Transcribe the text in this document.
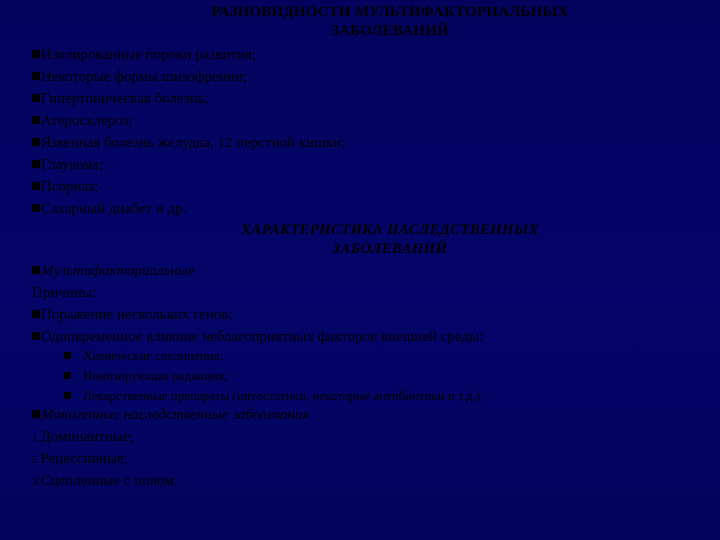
РАЗНОВИДНОСТИ МУЛЬТИФАКТОРИАЛЬНЫХ
ЗАБОЛЕВАНИЙ
Изолированные пороки развития;
Некоторые формы шизофрении;
Гипертоническая болезнь;
Атеросклероз;
Язвенная болезнь желудка, 12 перстной кишки;
Глаукома;
Псориаз;
Сахарный диабет и др.
ХАРАКТЕРИСТИКА НАСЛЕДСТВЕННЫХ
ЗАБОЛЕВАНИЙ
Мультифакториальные
Причины:
Поражение нескольких генов;
Одновременное влияние неблагоприятных факторов внешней среды:
Химические соединения;
Ионизирующая радиация;
Лекарственные препараты (цитостатики, некоторые антибиотики и т.д.).
Моногенные наследственные заболевания
1.Доминантные;
2.Рецессивные;
3.Сцепленные с полом.
